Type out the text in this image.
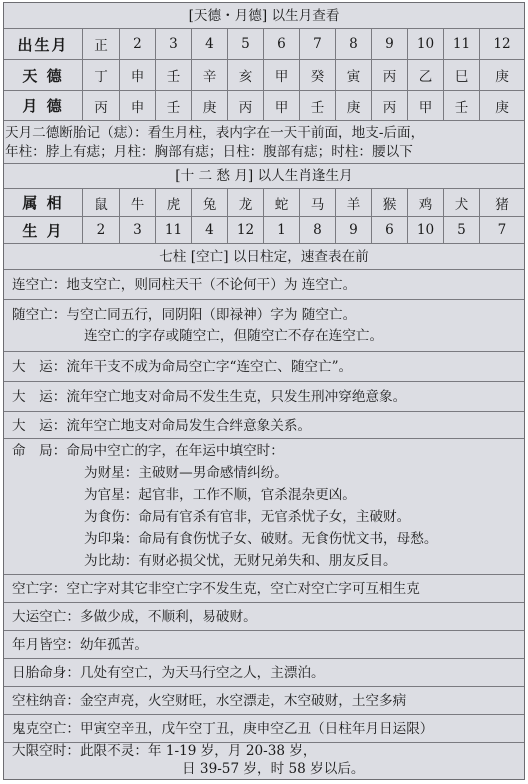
[天德・月德] 以生月查看
出生月	正	2	3	4	5	6	7	8	9	10	11	12
天 德	丁	申	壬	辛	亥	甲	癸	寅	丙	乙	巳	庚
月 德	丙	申	壬	庚	丙	甲	壬	庚	丙	甲	壬	庚
天月二德断胎记（痣）：看生月柱，表内字在一天干前面，地支-后面，
年柱：脖上有痣；月柱：胸部有痣；日柱：腹部有痣；时柱：腰以下
[十 二 愁 月] 以人生肖逢生月
属 相	鼠	牛	虎	兔	龙	蛇	马	羊	猴	鸡	犬	猪
生 月	2	3	11	4	12	1	8	9	6	10	5	7
七柱 [空亡] 以日柱定，速查表在前
连空亡：地支空亡，则同柱天干（不论何干）为 连空亡。
随空亡：与空亡同五行，同阴阳（即禄神）字为 随空亡。
连空亡的字存或随空亡，但随空亡不存在连空亡。
大　运：流年干支不成为命局空亡字“连空亡、随空亡”。
大　运：流年空亡地支对命局不发生生克，只发生刑冲穿绝意象。
大　运：流年空亡地支对命局发生合绊意象关系。
命　局：命局中空亡的字，在年运中填空时：
为财星：主破财—男命感情纠纷。
为官星：起官非，工作不顺，官杀混杂更凶。
为食伤：命局有官杀有官非，无官杀忧子女，主破财。
为印枭：命局有食伤忧子女、破财。无食伤忧文书，母愁。
为比劫：有财必损父忧，无财兄弟失和、朋友反目。
空亡字：空亡字对其它非空亡字不发生克，空亡对空亡字可互相生克
大运空亡：多做少成，不顺利，易破财。
年月皆空：幼年孤苦。
日胎命身：几处有空亡，为天马行空之人，主漂泊。
空柱纳音：金空声亮，火空财旺，水空漂走，木空破财，土空多病
鬼克空亡：甲寅空辛丑，戊午空丁丑，庚申空乙丑（日柱年月日运限）
大限空时：此限不灵：年 1-19 岁，月 20-38 岁，
日 39-57 岁，时 58 岁以后。
